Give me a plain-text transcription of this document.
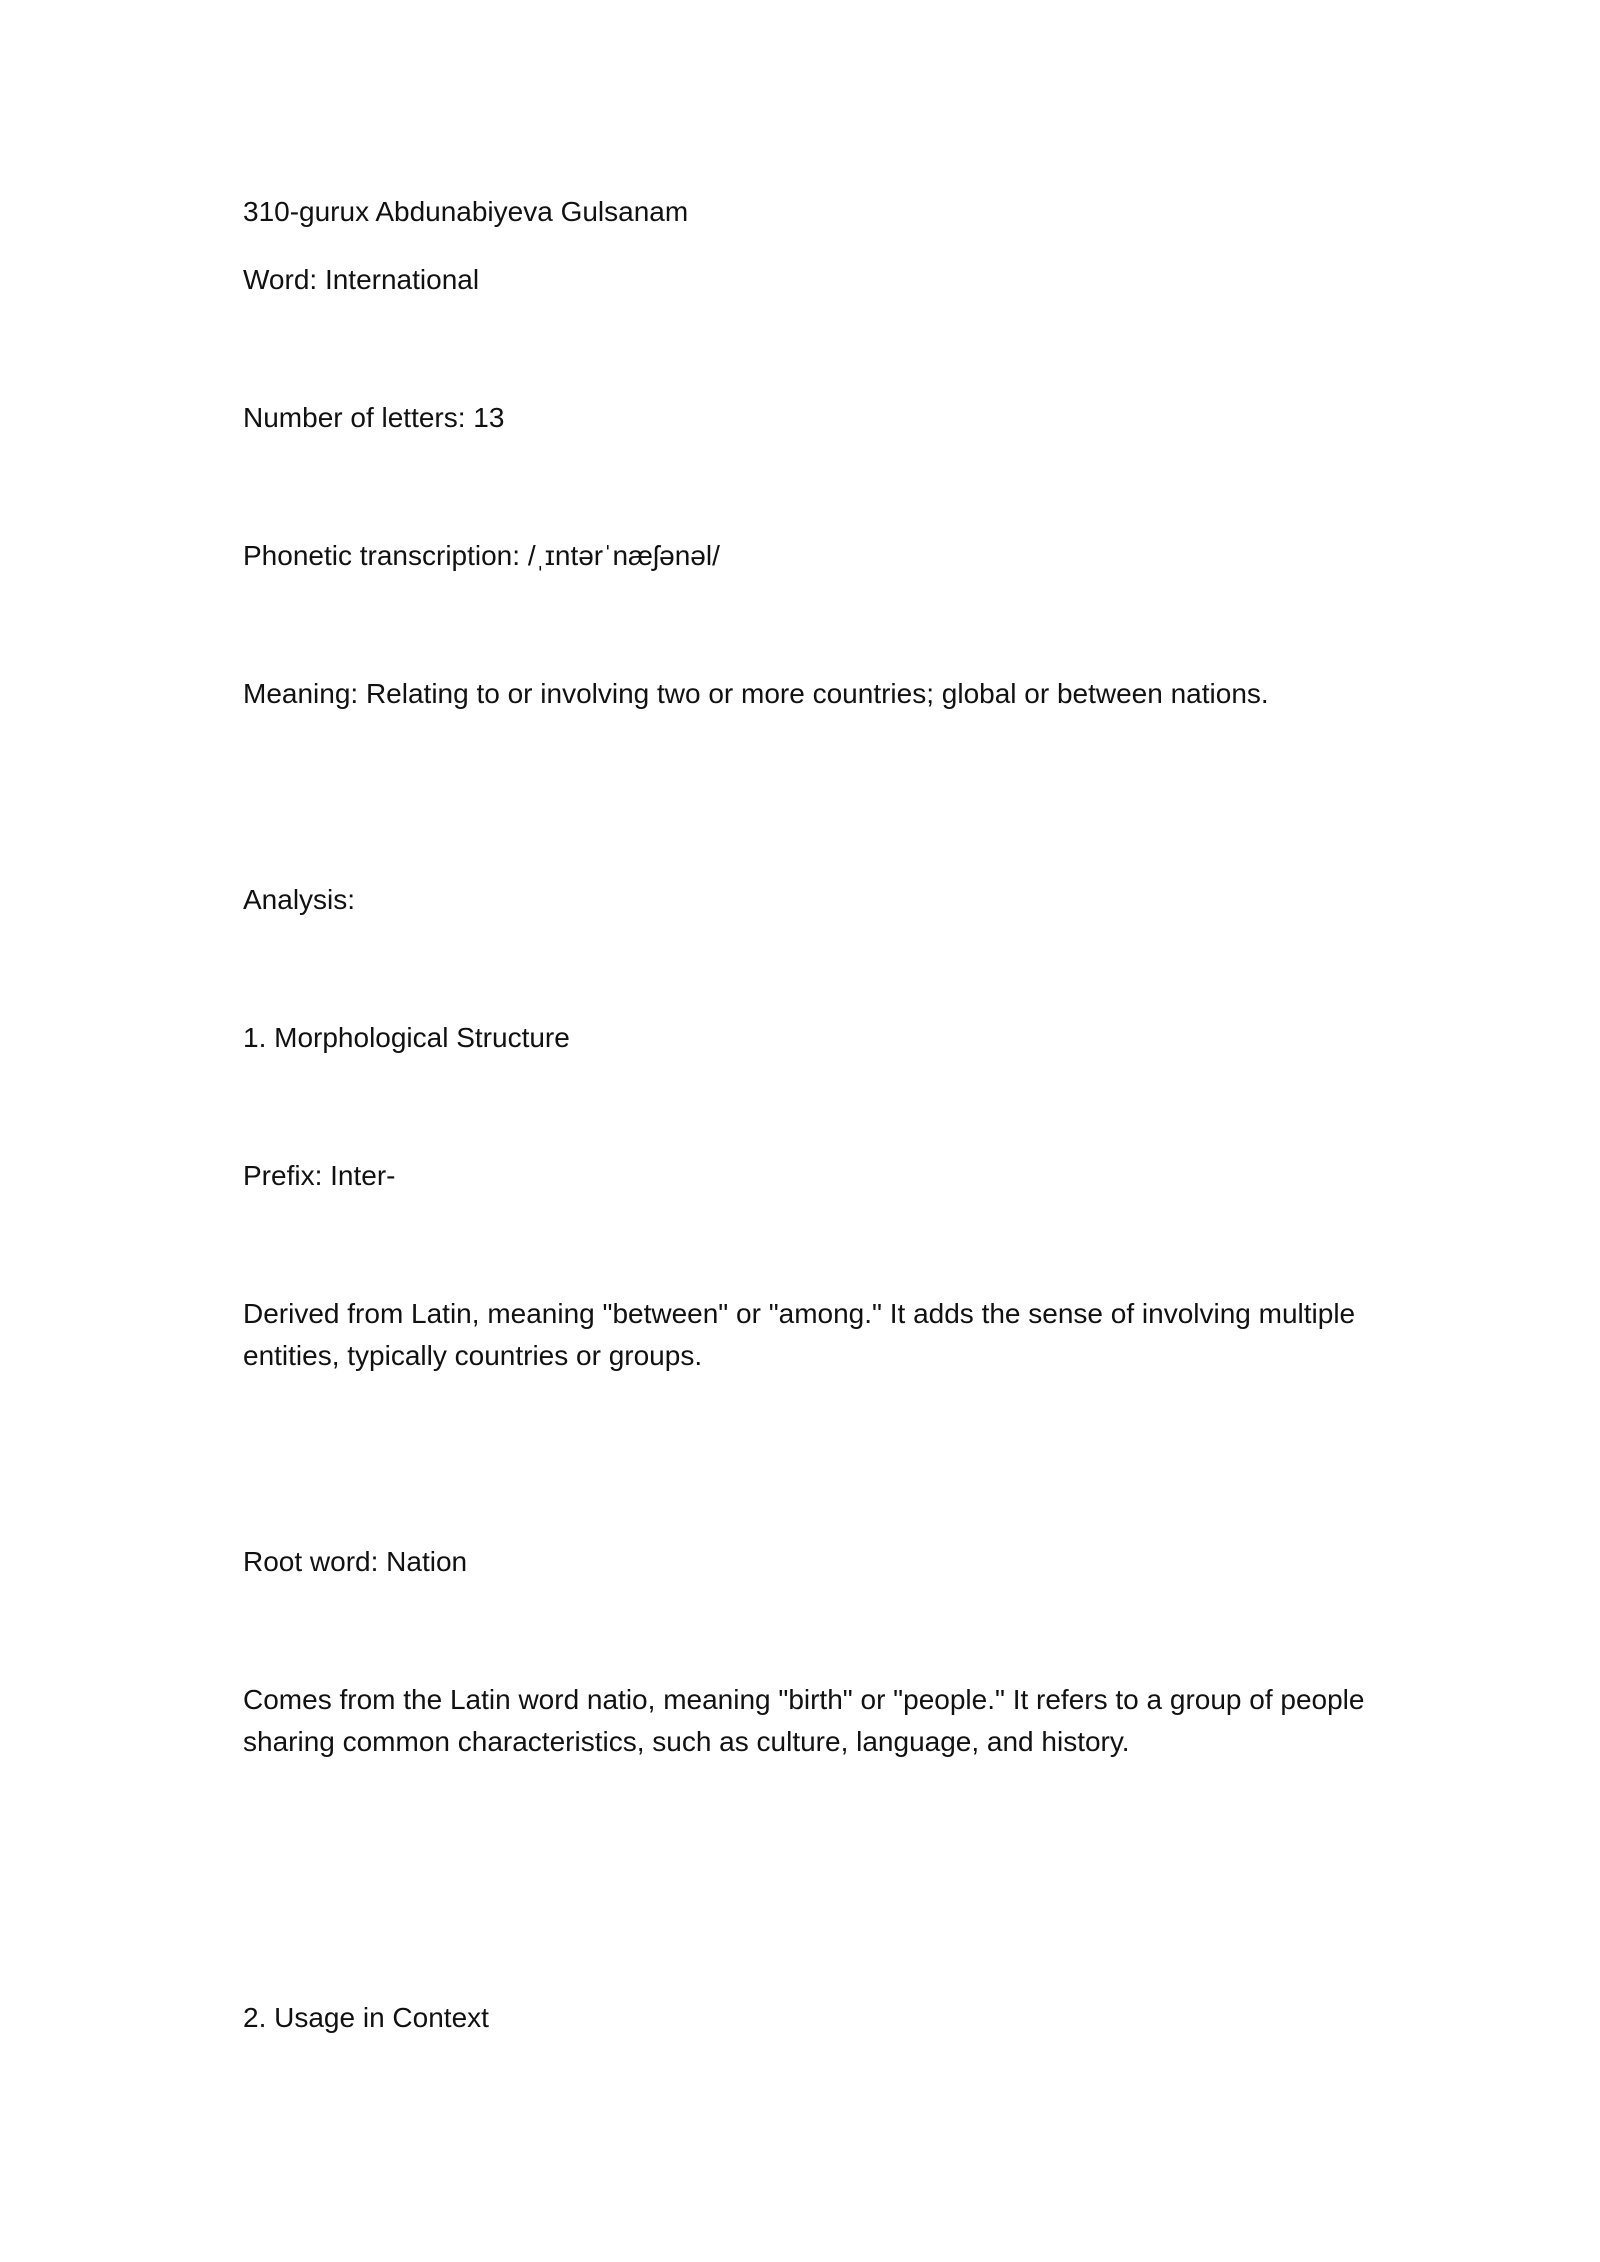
310-gurux Abdunabiyeva Gulsanam
Word: International
Number of letters: 13
Phonetic transcription: /ˌɪntərˈnæʃənəl/
Meaning: Relating to or involving two or more countries; global or between nations.
Analysis:
1. Morphological Structure
Prefix: Inter-
Derived from Latin, meaning "between" or "among." It adds the sense of involving multiple entities, typically countries or groups.
Root word: Nation
Comes from the Latin word natio, meaning "birth" or "people." It refers to a group of people sharing common characteristics, such as culture, language, and history.
2. Usage in Context
